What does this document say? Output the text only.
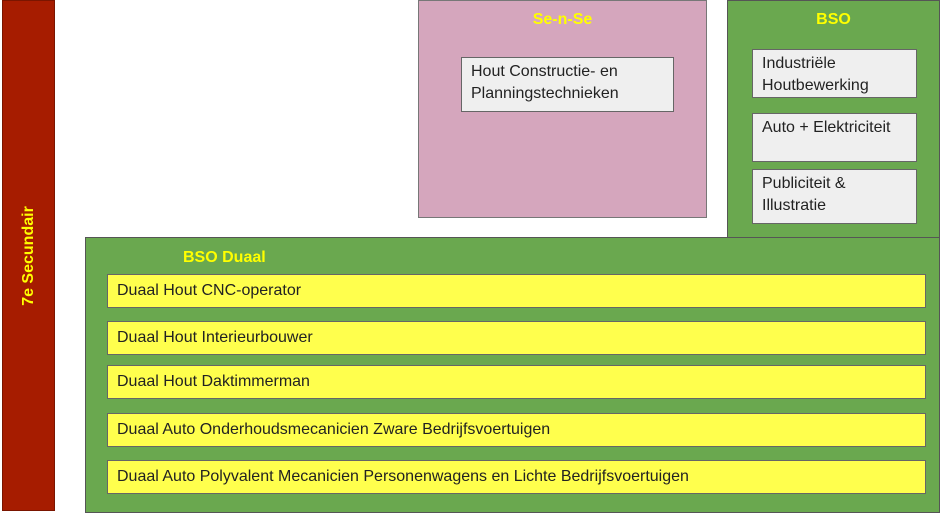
7e Secundair
Se-n-Se
Hout Constructie- en Planningstechnieken
BSO
Industriële Houtbewerking
Auto + Elektriciteit
Publiciteit & Illustratie
BSO Duaal
Duaal Hout CNC-operator
Duaal Hout Interieurbouwer
Duaal Hout Daktimmerman
Duaal Auto Onderhoudsmecanicien Zware Bedrijfsvoertuigen
Duaal Auto Polyvalent Mecanicien Personenwagens en Lichte Bedrijfsvoertuigen
